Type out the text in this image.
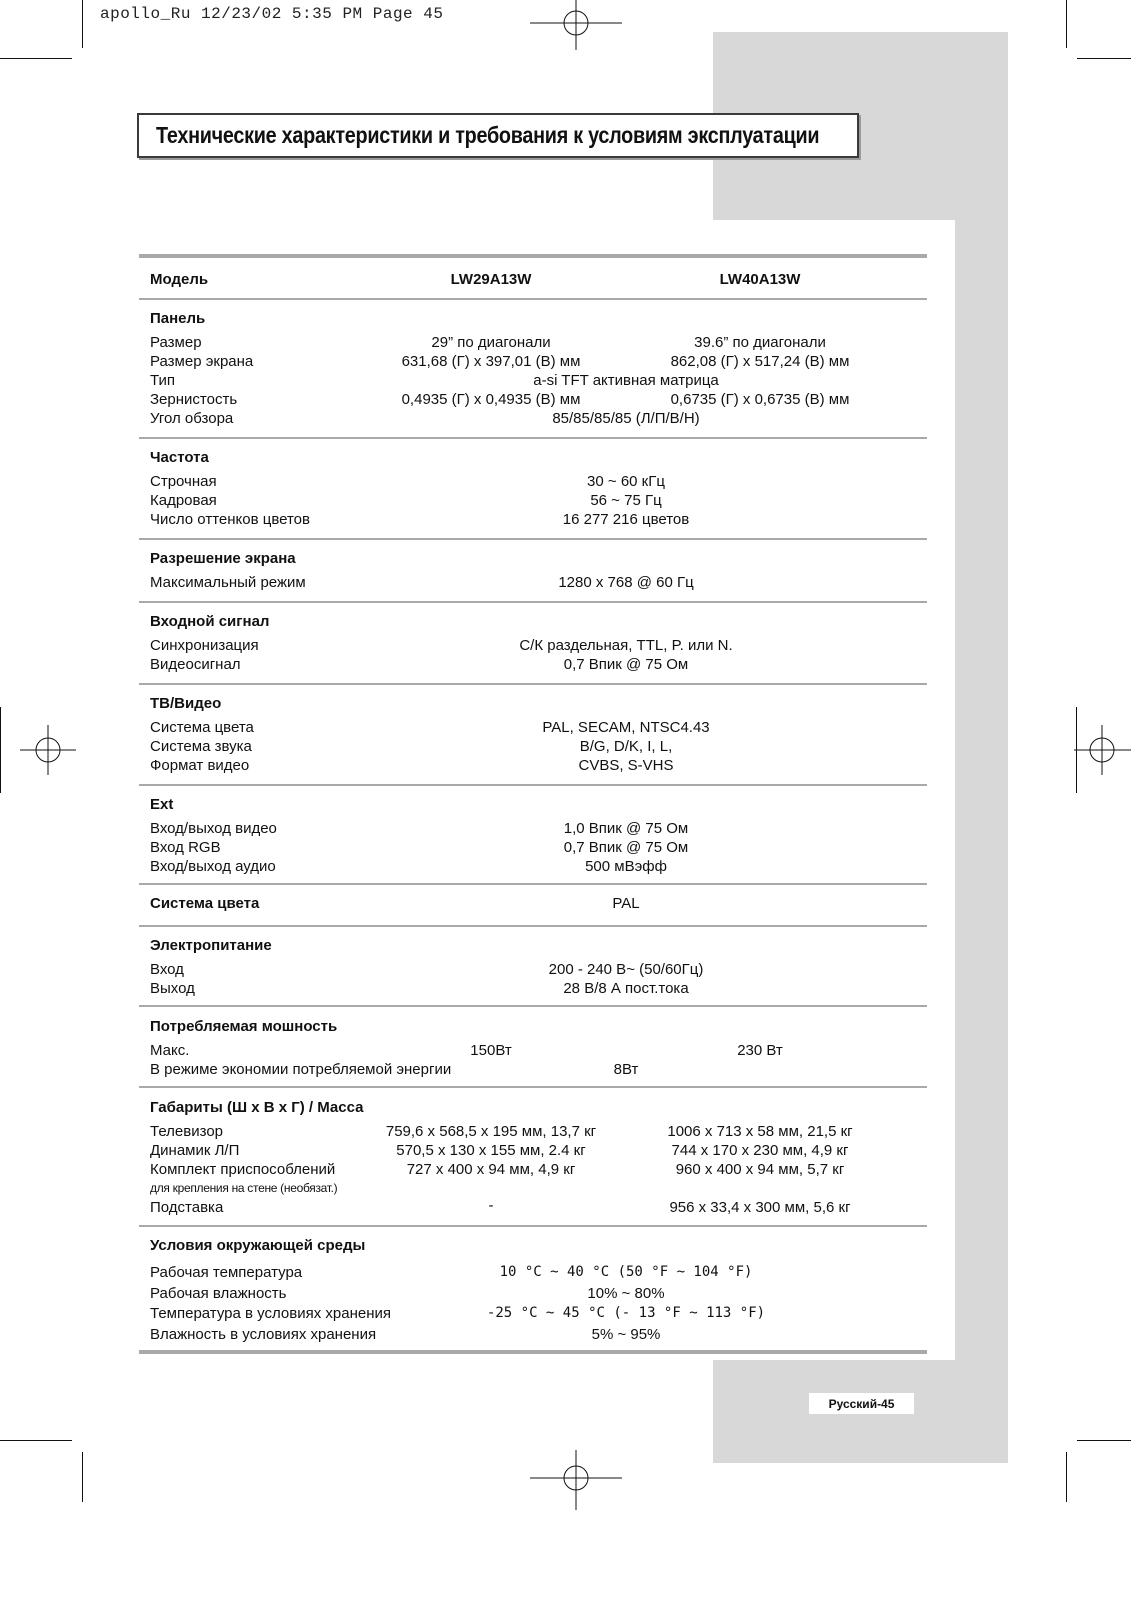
apollo_Ru 12/23/02 5:35 PM Page 45
Технические характеристики и требования к условиям эксплуатации
Модель	LW29A13W	LW40A13W
Панель
Размер	29” по диагонали	39.6” по диагонали
Размер экрана	631,68 (Г) x 397,01 (В) мм	862,08 (Г) x 517,24 (В) мм
Тип	a-si TFT активная матрица
Зернистость	0,4935 (Г) x 0,4935 (В) мм	0,6735 (Г) x 0,6735 (В) мм
Угол обзора	85/85/85/85 (Л/П/В/Н)
Частота
Строчная	30 ~ 60 кГц
Кадровая	56 ~ 75 Гц
Число оттенков цветов	16 277 216 цветов
Разрешение экрана
Максимальный режим	1280 x 768 @ 60 Гц
Входной сигнал
Синхронизация	С/К раздельная, TTL, P. или N.
Видеосигнал	0,7 Впик @ 75 Ом
ТВ/Видео
Система цвета	PAL, SECAM, NTSC4.43
Система звука	B/G, D/K, I, L,
Формат видео	CVBS, S-VHS
Ext
Вход/выход видео	1,0 Впик @ 75 Ом
Вход RGB	0,7 Впик @ 75 Ом
Вход/выход аудио	500 мВэфф
Система цвета	PAL
Электропитание
Вход	200 - 240 В~ (50/60Гц)
Выход	28 В/8 А пост.тока
Потребляемая мошность
Макс.	150Вт	230 Вт
В режиме экономии потребляемой энергии	8Вт
Габариты (Ш x В x Г) / Масса
Телевизор	759,6 x 568,5 x 195 мм, 13,7 кг	1006 x 713 x 58 мм, 21,5 кг
Динамик Л/П	570,5 x 130 x 155 мм, 2.4 кг	744 x 170 x 230 мм, 4,9 кг
Комплект приспособлений	727 x 400 x 94 мм, 4,9 кг	960 x 400 x 94 мм, 5,7 кг
для крепления на стене (необязат.)
Подставка	-	956 x 33,4 x 300 мм, 5,6 кг
Условия окружающей среды
Рабочая температура	10 °C ~ 40 °C (50 °F ~ 104 °F)
Рабочая влажность	10% ~ 80%
Температура в условиях хранения	-25 °C ~ 45 °C (- 13 °F ~ 113 °F)
Влажность в условиях хранения	5% ~ 95%
Русский-45
